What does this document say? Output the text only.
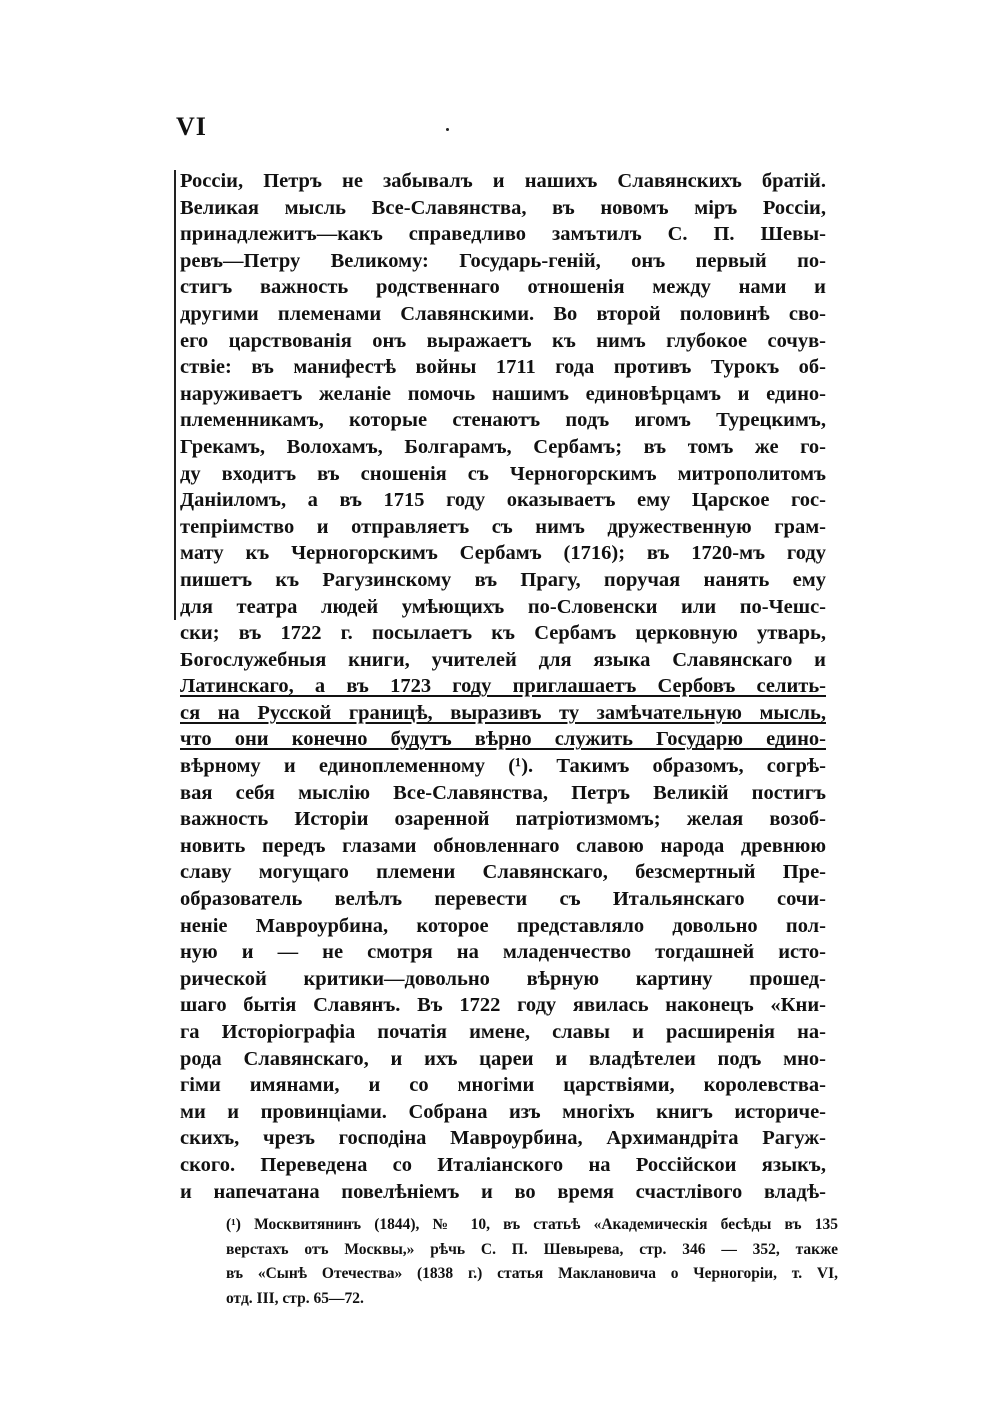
VI
Россіи, Петръ не забывалъ и нашихъ Славянскихъ братій.
Великая мысль Все-Славянства, въ новомъ міръ Россіи,
принадлежитъ—какъ справедливо замътилъ С. П. Шевы-
ревъ—Петру Великому: Государь-геній, онъ первый по-
стигъ важность родственнаго отношенія между нами и
другими племенами Славянскими. Во второй половинѣ сво-
его царствованія онъ выражаетъ къ нимъ глубокое сочув-
ствіе: въ манифестѣ войны 1711 года противъ Турокъ об-
наруживаетъ желаніе помочь нашимъ единовѣрцамъ и едино-
племенникамъ, которые стенаютъ подъ игомъ Турецкимъ,
Грекамъ, Волохамъ, Болгарамъ, Сербамъ; въ томъ же го-
ду входитъ въ сношенія съ Черногорскимъ митрополитомъ
Даніиломъ, а въ 1715 году оказываетъ ему Царское гос-
тепріимство и отправляетъ съ нимъ дружественную грам-
мату къ Черногорскимъ Сербамъ (1716); въ 1720-мъ году
пишетъ къ Рагузинскому въ Прагу, поручая нанять ему
для театра людей умѣющихъ по-Словенски или по-Чешс-
ски; въ 1722 г. посылаетъ къ Сербамъ церковную утварь,
Богослужебныя книги, учителей для языка Славянскаго и
Латинскаго, а въ 1723 году приглашаетъ Сербовъ селить-
ся на Русской границѣ, выразивъ ту замѣчательную мысль,
что они конечно будутъ вѣрно служить Государю едино-
вѣрному и единоплеменному (¹). Такимъ образомъ, согрѣ-
вая себя мыслію Все-Славянства, Петръ Великій постигъ
важность Исторіи озаренной патріотизмомъ; желая возоб-
новить передъ глазами обновленнаго славою народа древнюю
славу могущаго племени Славянскаго, безсмертный Пре-
образователь велѣлъ перевести съ Итальянскаго сочи-
неніе Мавроурбина, которое представляло довольно пол-
ную и — не смотря на младенчество тогдашней исто-
рической критики—довольно вѣрную картину прошед-
шаго бытія Славянъ. Въ 1722 году явилась наконецъ «Кни-
га Исторіографіа початія имене, славы и расширенія на-
рода Славянскаго, и ихъ цареи и владѣтелеи подъ мно-
гіми имянами, и со многіми царствіями, королевства-
ми и провинціами. Собрана изъ многіхъ книгъ историче-
скихъ, чрезъ господіна Мавроурбина, Архимандріта Рагуж-
ского. Переведена со Италіанского на Россійскои языкъ,
и напечатана повелѣніемъ и во время счастлівого владѣ-
(¹) Москвитянинъ (1844), № 10, въ статьѣ «Академическія бесѣды въ 135
верстахъ отъ Москвы,» рѣчь С. П. Шевырева, стр. 346 — 352, также
въ «Сынѣ Отечества» (1838 г.) статья Маклановича о Черногоріи, т. VI,
отд. III, стр. 65—72.
